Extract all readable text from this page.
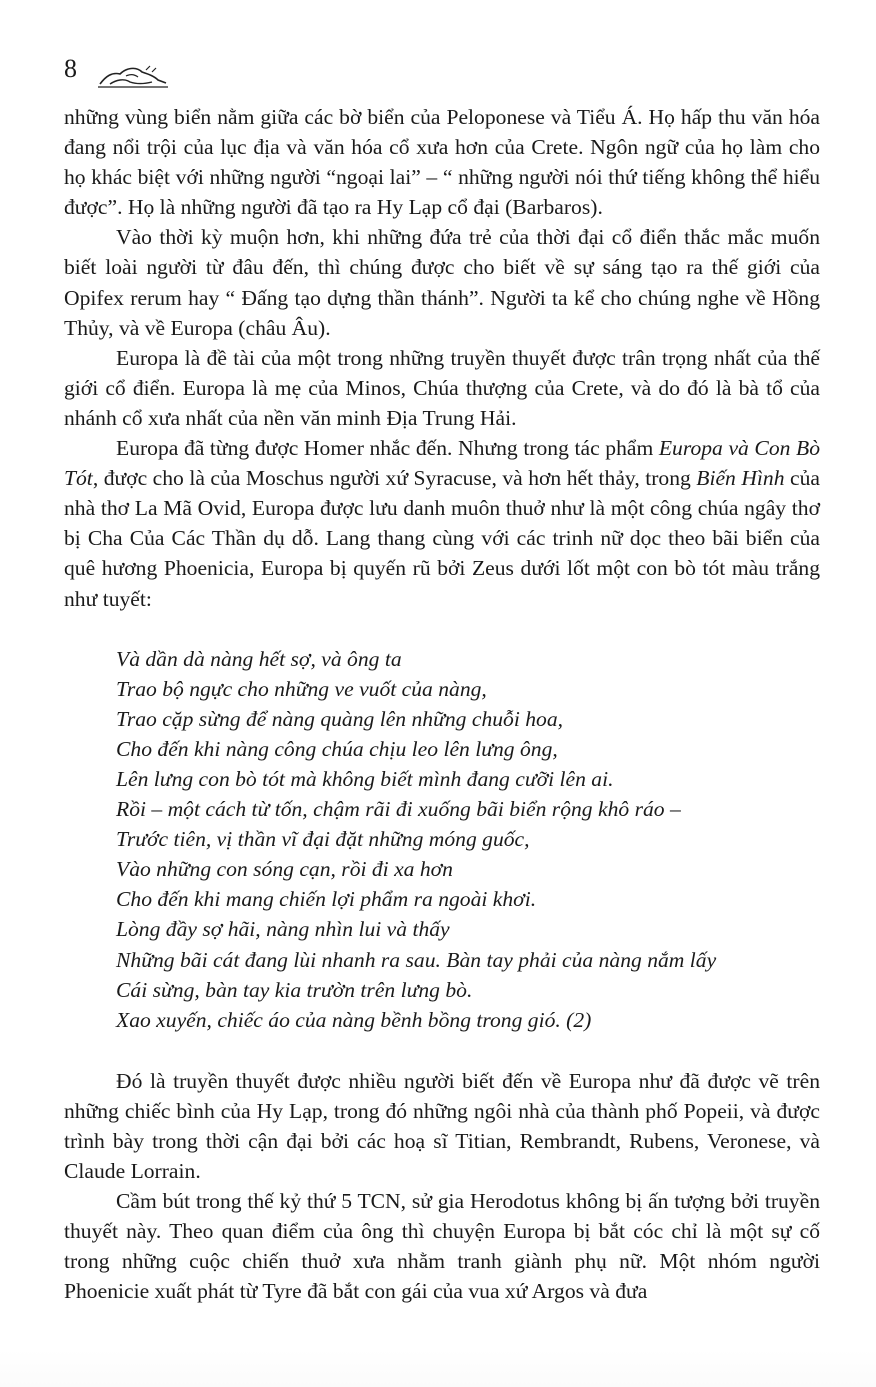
8

những vùng biển nằm giữa các bờ biển của Peloponese và Tiểu Á. Họ hấp thu văn hóa đang nổi trội của lục địa và văn hóa cổ xưa hơn của Crete. Ngôn ngữ của họ làm cho họ khác biệt với những người “ngoại lai” – “ những người nói thứ tiếng không thể hiểu được”. Họ là những người đã tạo ra Hy Lạp cổ đại (Barbaros).

Vào thời kỳ muộn hơn, khi những đứa trẻ của thời đại cổ điển thắc mắc muốn biết loài người từ đâu đến, thì chúng được cho biết về sự sáng tạo ra thế giới của Opifex rerum hay “ Đấng tạo dựng thần thánh”. Người ta kể cho chúng nghe về Hồng Thủy, và về Europa (châu Âu).

Europa là đề tài của một trong những truyền thuyết được trân trọng nhất của thế giới cổ điển. Europa là mẹ của Minos, Chúa thượng của Crete, và do đó là bà tổ của nhánh cổ xưa nhất của nền văn minh Địa Trung Hải.

Europa đã từng được Homer nhắc đến. Nhưng trong tác phẩm Europa và Con Bò Tót, được cho là của Moschus người xứ Syracuse, và hơn hết thảy, trong Biến Hình của nhà thơ La Mã Ovid, Europa được lưu danh muôn thuở như là một công chúa ngây thơ bị Cha Của Các Thần dụ dỗ. Lang thang cùng với các trinh nữ dọc theo bãi biển của quê hương Phoenicia, Europa bị quyến rũ bởi Zeus dưới lốt một con bò tót màu trắng như tuyết:

Và dần dà nàng hết sợ, và ông ta
Trao bộ ngực cho những ve vuốt của nàng,
Trao cặp sừng để nàng quàng lên những chuỗi hoa,
Cho đến khi nàng công chúa chịu leo lên lưng ông,
Lên lưng con bò tót mà không biết mình đang cưỡi lên ai.
Rồi – một cách từ tốn, chậm rãi đi xuống bãi biển rộng khô ráo –
Trước tiên, vị thần vĩ đại đặt những móng guốc,
Vào những con sóng cạn, rồi đi xa hơn
Cho đến khi mang chiến lợi phẩm ra ngoài khơi.
Lòng đầy sợ hãi, nàng nhìn lui và thấy
Những bãi cát đang lùi nhanh ra sau. Bàn tay phải của nàng nắm lấy
Cái sừng, bàn tay kia trườn trên lưng bò.
Xao xuyến, chiếc áo của nàng bềnh bồng trong gió. (2)

Đó là truyền thuyết được nhiều người biết đến về Europa như đã được vẽ trên những chiếc bình của Hy Lạp, trong đó những ngôi nhà của thành phố Popeii, và được trình bày trong thời cận đại bởi các hoạ sĩ Titian, Rembrandt, Rubens, Veronese, và Claude Lorrain.

Cầm bút trong thế kỷ thứ 5 TCN, sử gia Herodotus không bị ấn tượng bởi truyền thuyết này. Theo quan điểm của ông thì chuyện Europa bị bắt cóc chỉ là một sự cố trong những cuộc chiến thuở xưa nhằm tranh giành phụ nữ. Một nhóm người Phoenicie xuất phát từ Tyre đã bắt con gái của vua xứ Argos và đưa
